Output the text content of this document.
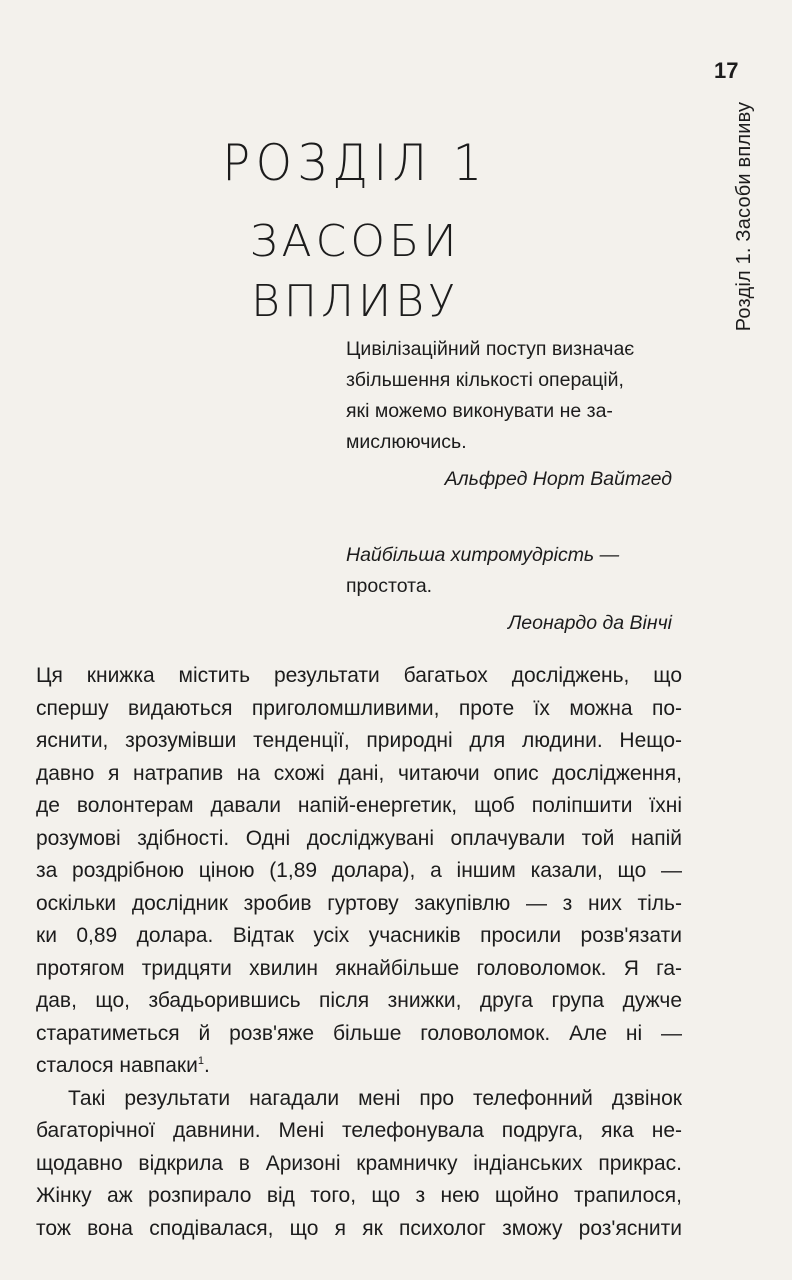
17
Розділ 1. Засоби впливу
РОЗДІЛ 1
ЗАСОБИ ВПЛИВУ

Цивілізаційний поступ визначає
збільшення кількості операцій,
які можемо виконувати не за-
мислюючись.

Альфред Норт Вайтгед

Найбільша хитромудрість —
простота.

Леонардо да Вінчі

Ця книжка містить результати багатьох досліджень, що
спершу видаються приголомшливими, проте їх можна по-
яснити, зрозумівши тенденції, природні для людини. Нещо-
давно я натрапив на схожі дані, читаючи опис дослідження,
де волонтерам давали напій-енергетик, щоб поліпшити їхні
розумові здібності. Одні досліджувані оплачували той напій
за роздрібною ціною (1,89 долара), а іншим казали, що —
оскільки дослідник зробив гуртову закупівлю — з них тіль-
ки 0,89 долара. Відтак усіх учасників просили розв'язати
протягом тридцяти хвилин якнайбільше головоломок. Я га-
дав, що, збадьорившись після знижки, друга група дужче
старатиметься й розв'яже більше головоломок. Але ні —
сталося навпаки$^1$.
Такі результати нагадали мені про телефонний дзвінок
багаторічної давнини. Мені телефонувала подруга, яка не-
щодавно відкрила в Аризоні крамничку індіанських прикрас.
Жінку аж розпирало від того, що з нею щойно трапилося,
тож вона сподівалася, що я як психолог зможу роз'яснити
